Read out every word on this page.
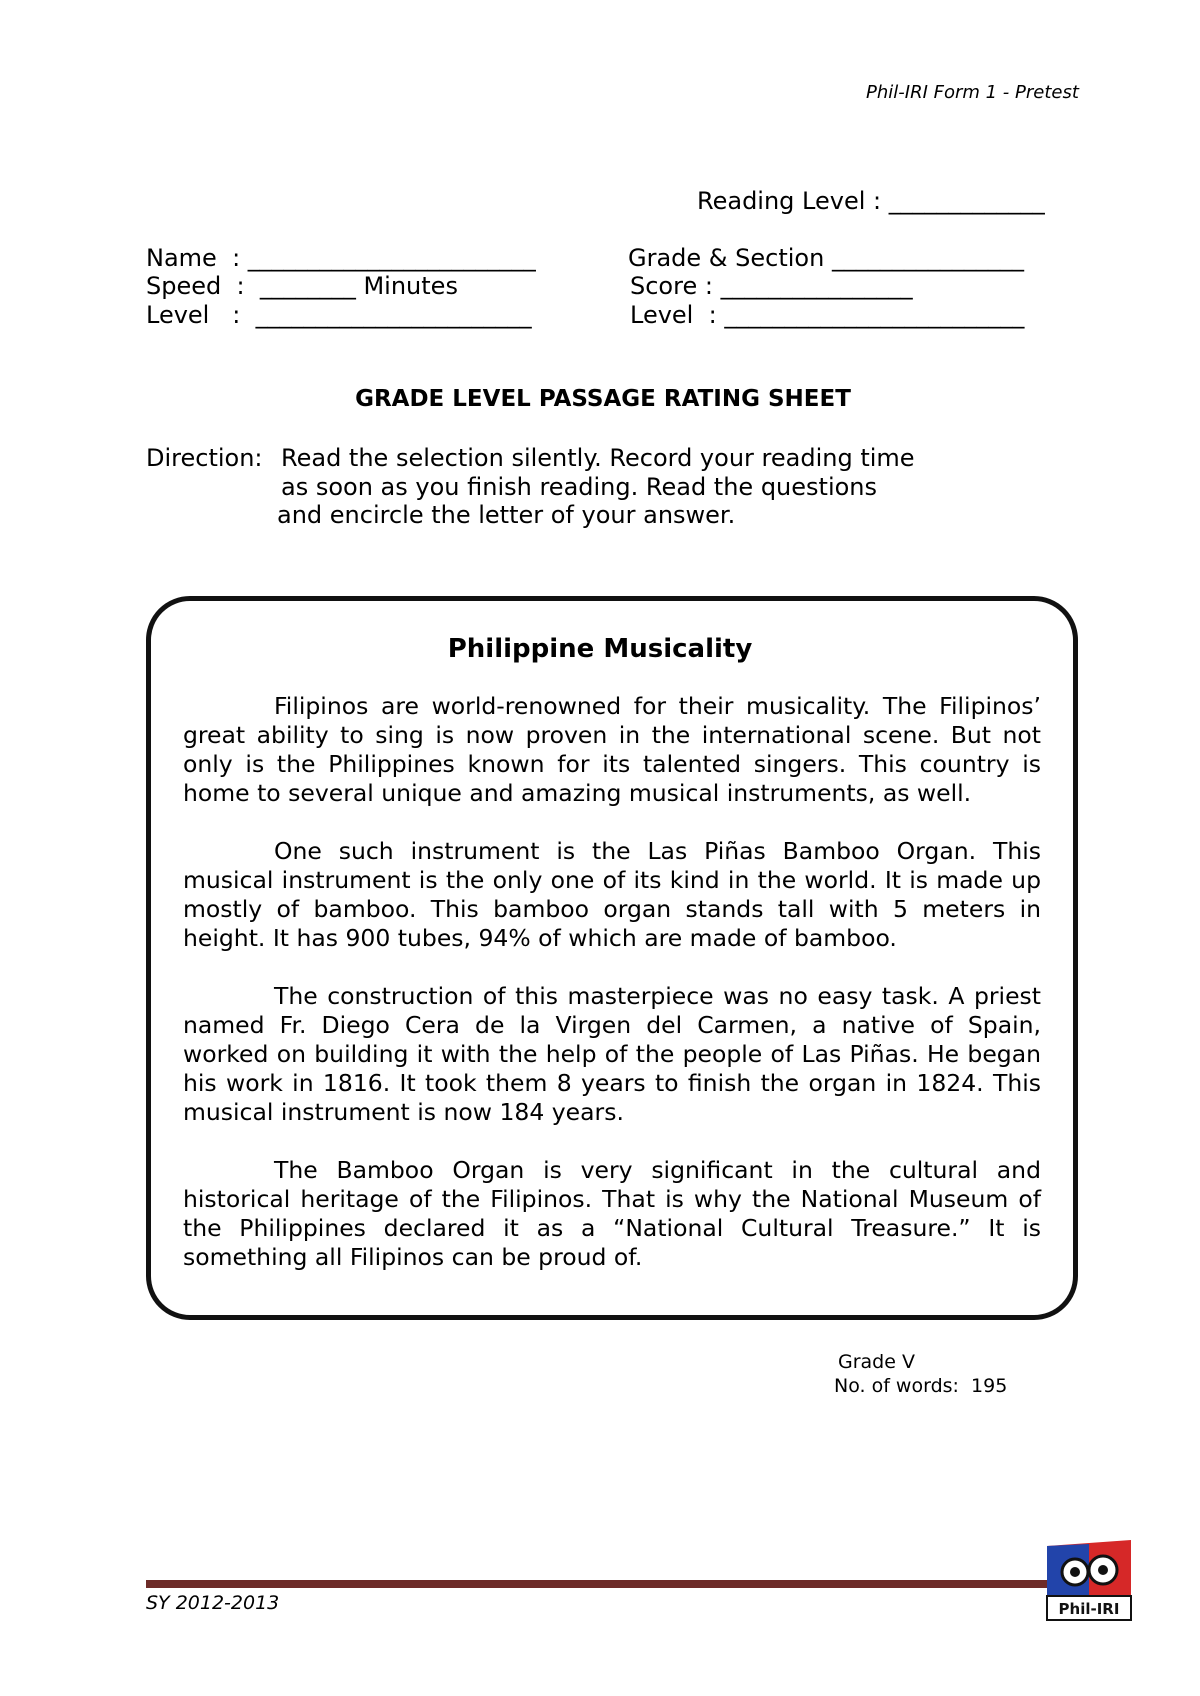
Phil-IRI Form 1 - Pretest
Reading Level : _____________
Name  : ________________________	Grade & Section ________________
Speed  :  ________ Minutes	Score : ________________
Level   :  _______________________	Level  : _________________________
GRADE LEVEL PASSAGE RATING SHEET
Direction: Read the selection silently. Record your reading time
as soon as you finish reading. Read the questions
and encircle the letter of your answer.
Philippine Musicality

Filipinos are world-renowned for their musicality. The Filipinos’ great ability to sing is now proven in the international scene. But not only is the Philippines known for its talented singers. This country is home to several unique and amazing musical instruments, as well.

One such instrument is the Las Piñas Bamboo Organ. This musical instrument is the only one of its kind in the world. It is made up mostly of bamboo. This bamboo organ stands tall with 5 meters in height. It has 900 tubes, 94% of which are made of bamboo.

The construction of this masterpiece was no easy task. A priest named Fr. Diego Cera de la Virgen del Carmen, a native of Spain, worked on building it with the help of the people of Las Piñas. He began his work in 1816. It took them 8 years to finish the organ in 1824. This musical instrument is now 184 years.

The Bamboo Organ is very significant in the cultural and historical heritage of the Filipinos. That is why the National Museum of the Philippines declared it as a “National Cultural Treasure.” It is something all Filipinos can be proud of.

Grade V
No. of words:  195
SY 2012-2013	Phil-IRI
